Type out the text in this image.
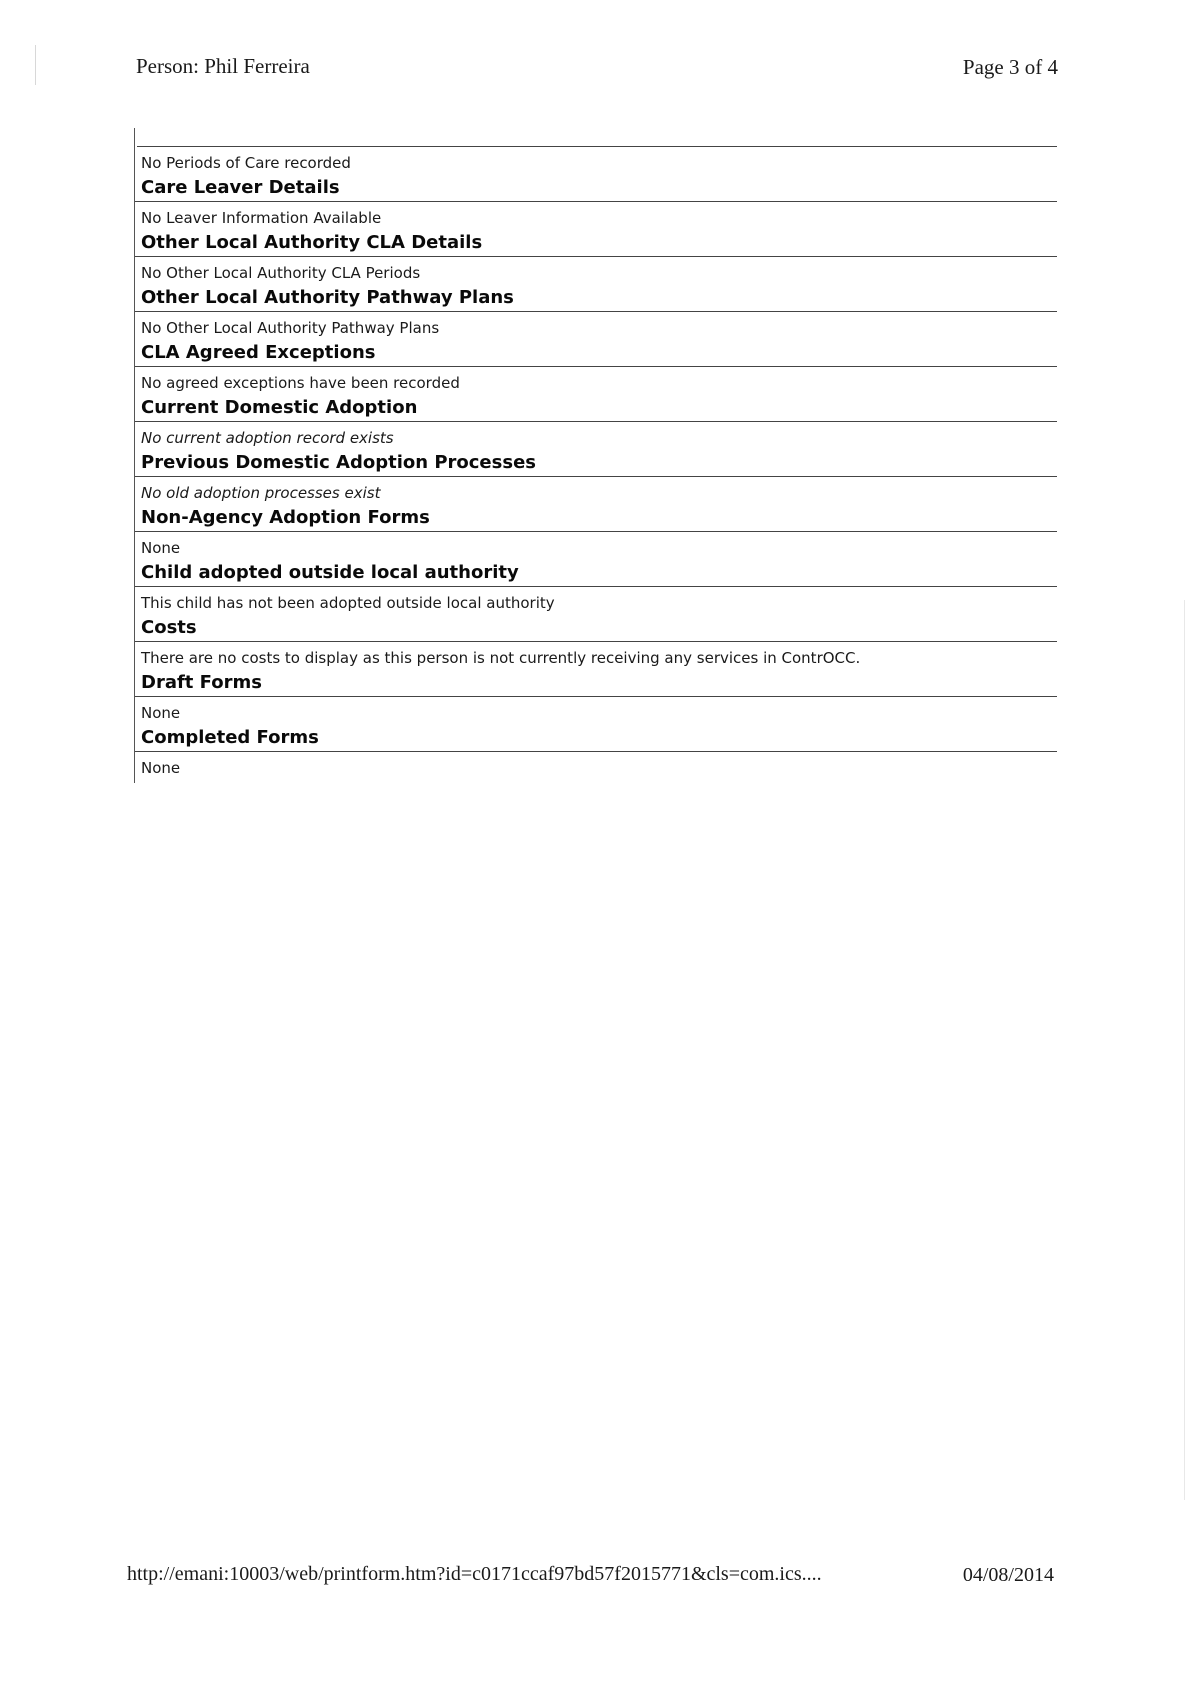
Person: Phil Ferreira	Page 3 of 4
No Periods of Care recorded
Care Leaver Details
No Leaver Information Available
Other Local Authority CLA Details
No Other Local Authority CLA Periods
Other Local Authority Pathway Plans
No Other Local Authority Pathway Plans
CLA Agreed Exceptions
No agreed exceptions have been recorded
Current Domestic Adoption
No current adoption record exists
Previous Domestic Adoption Processes
No old adoption processes exist
Non-Agency Adoption Forms
None
Child adopted outside local authority
This child has not been adopted outside local authority
Costs
There are no costs to display as this person is not currently receiving any services in ContrOCC.
Draft Forms
None
Completed Forms
None
http://emani:10003/web/printform.htm?id=c0171ccaf97bd57f2015771&cls=com.ics....	04/08/2014
